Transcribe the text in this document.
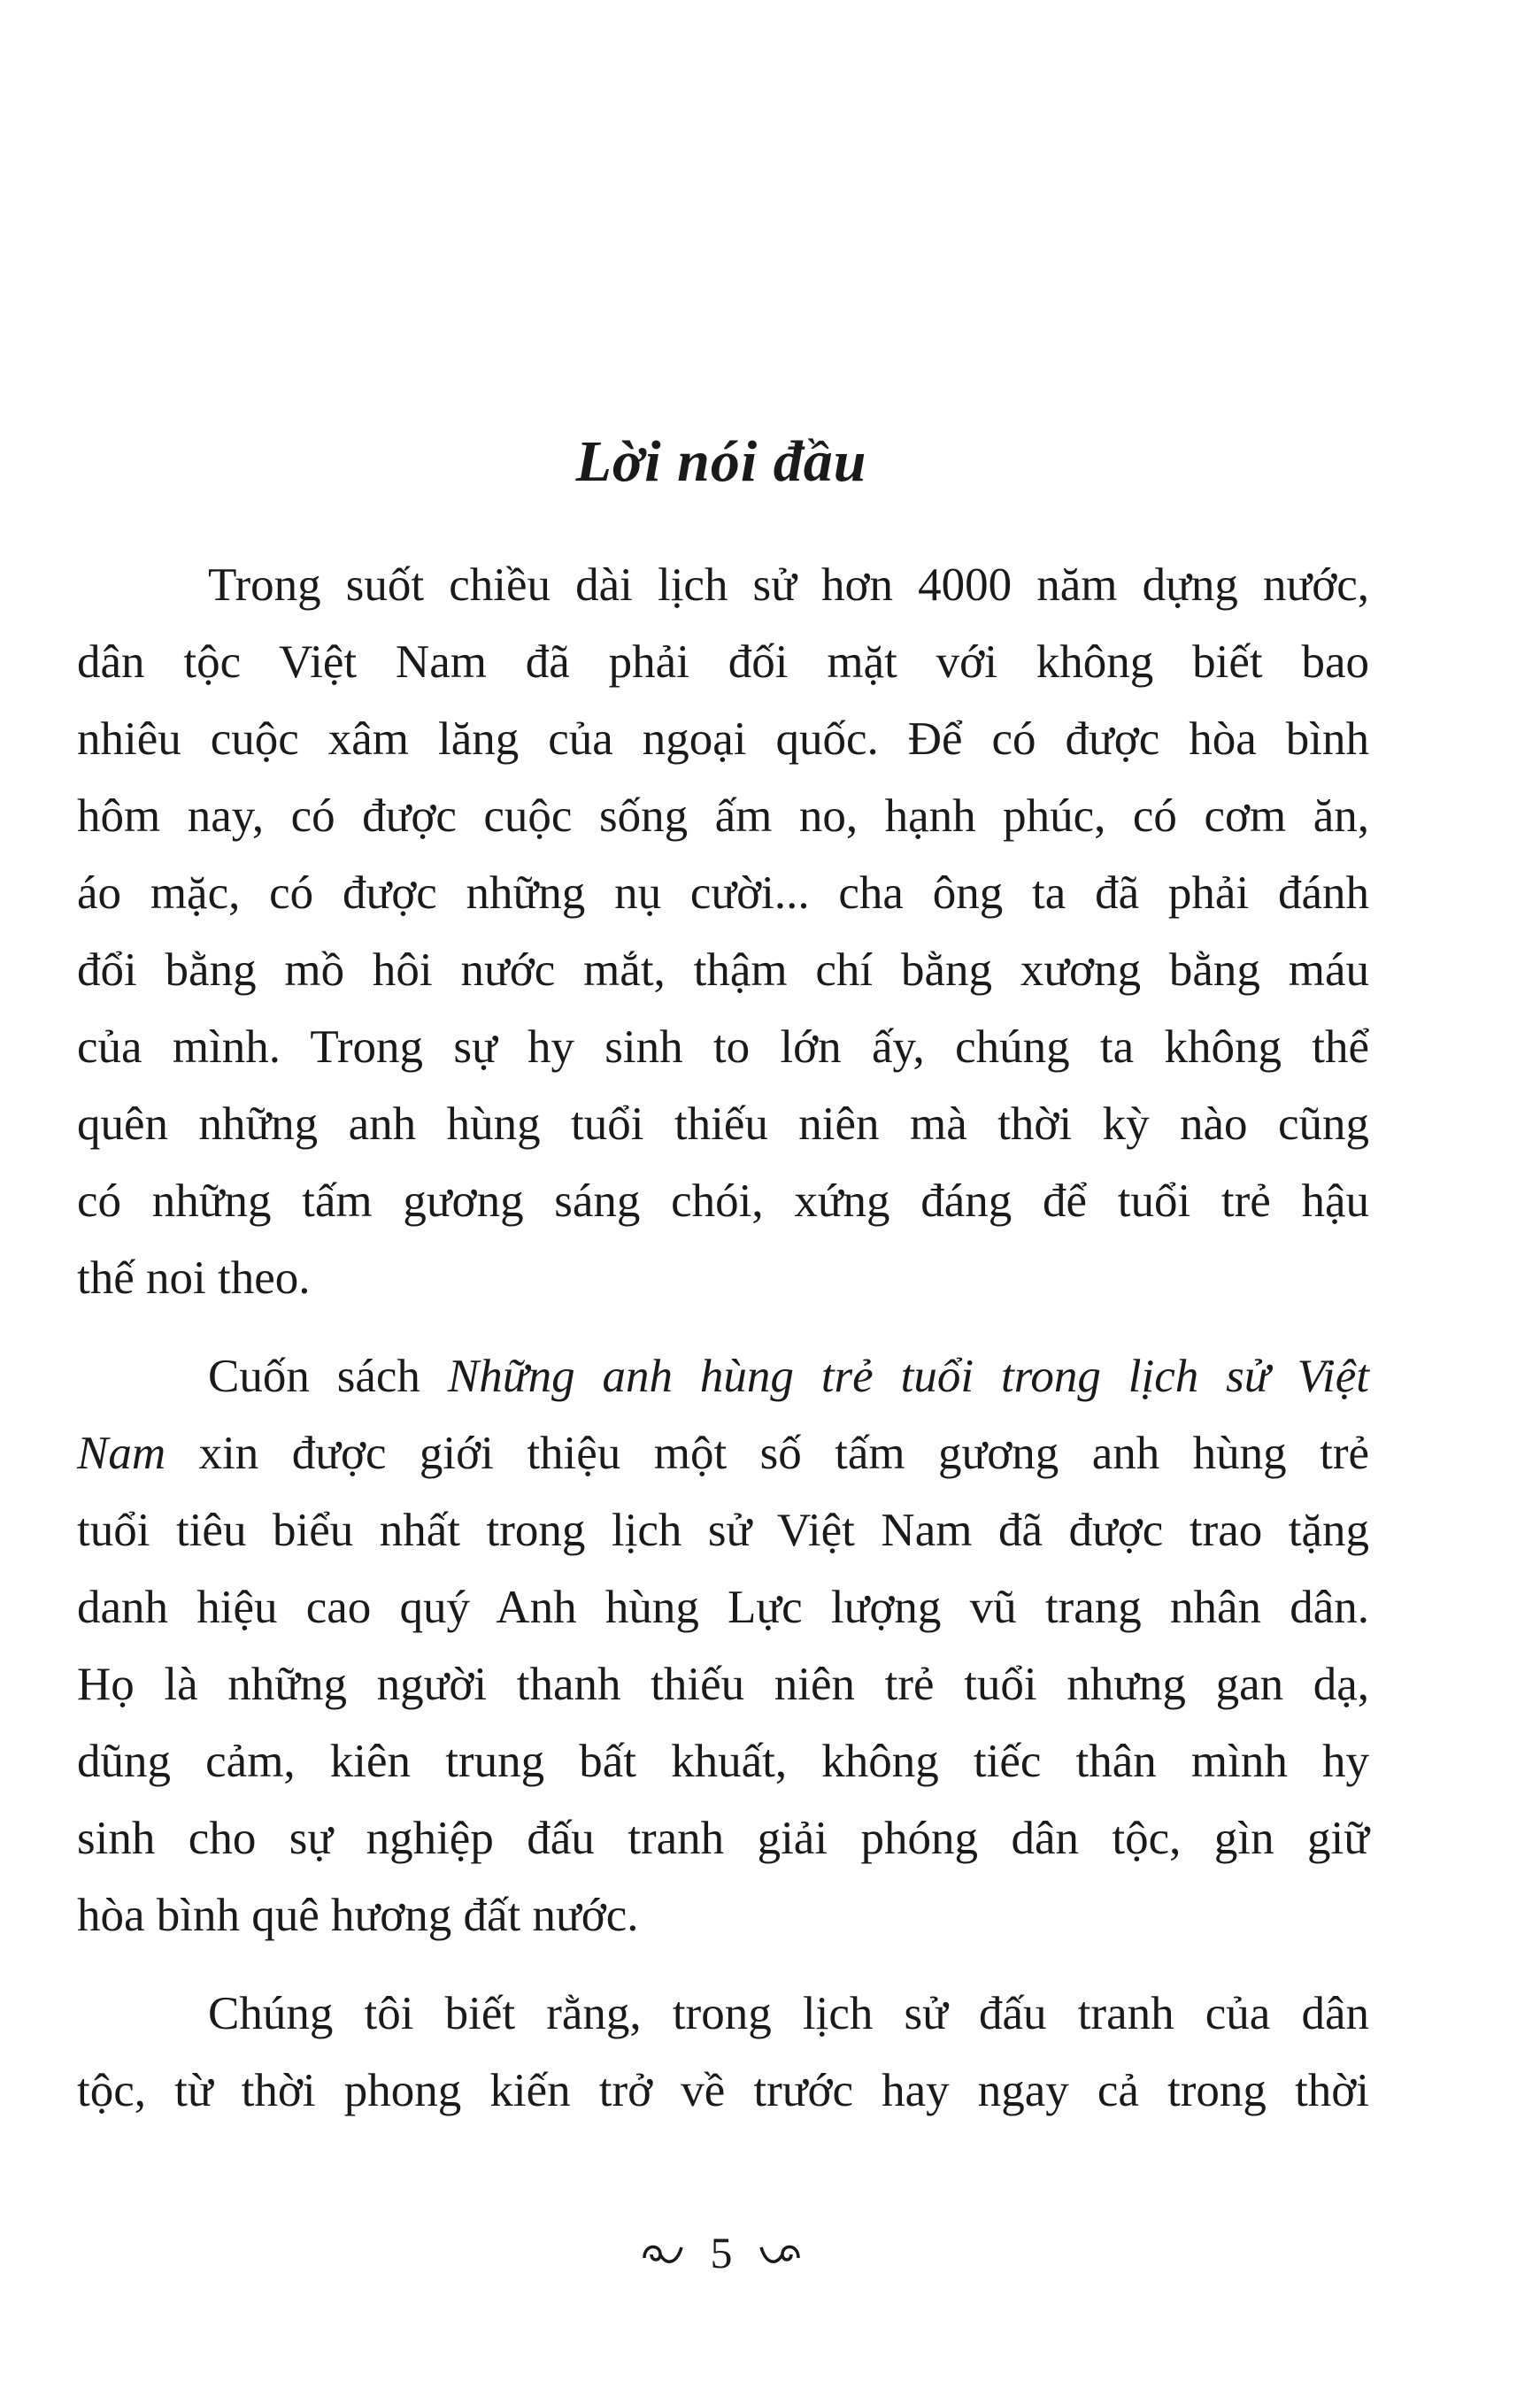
Lời nói đầu
Trong suốt chiều dài lịch sử hơn 4000 năm dựng nước,
dân tộc Việt Nam đã phải đối mặt với không biết bao
nhiêu cuộc xâm lăng của ngoại quốc. Để có được hòa bình
hôm nay, có được cuộc sống ấm no, hạnh phúc, có cơm ăn,
áo mặc, có được những nụ cười... cha ông ta đã phải đánh
đổi bằng mồ hôi nước mắt, thậm chí bằng xương bằng máu
của mình. Trong sự hy sinh to lớn ấy, chúng ta không thể
quên những anh hùng tuổi thiếu niên mà thời kỳ nào cũng
có những tấm gương sáng chói, xứng đáng để tuổi trẻ hậu
thế noi theo.
Cuốn sách Những anh hùng trẻ tuổi trong lịch sử Việt
Nam xin được giới thiệu một số tấm gương anh hùng trẻ
tuổi tiêu biểu nhất trong lịch sử Việt Nam đã được trao tặng
danh hiệu cao quý Anh hùng Lực lượng vũ trang nhân dân.
Họ là những người thanh thiếu niên trẻ tuổi nhưng gan dạ,
dũng cảm, kiên trung bất khuất, không tiếc thân mình hy
sinh cho sự nghiệp đấu tranh giải phóng dân tộc, gìn giữ
hòa bình quê hương đất nước.
Chúng tôi biết rằng, trong lịch sử đấu tranh của dân
tộc, từ thời phong kiến trở về trước hay ngay cả trong thời
5
